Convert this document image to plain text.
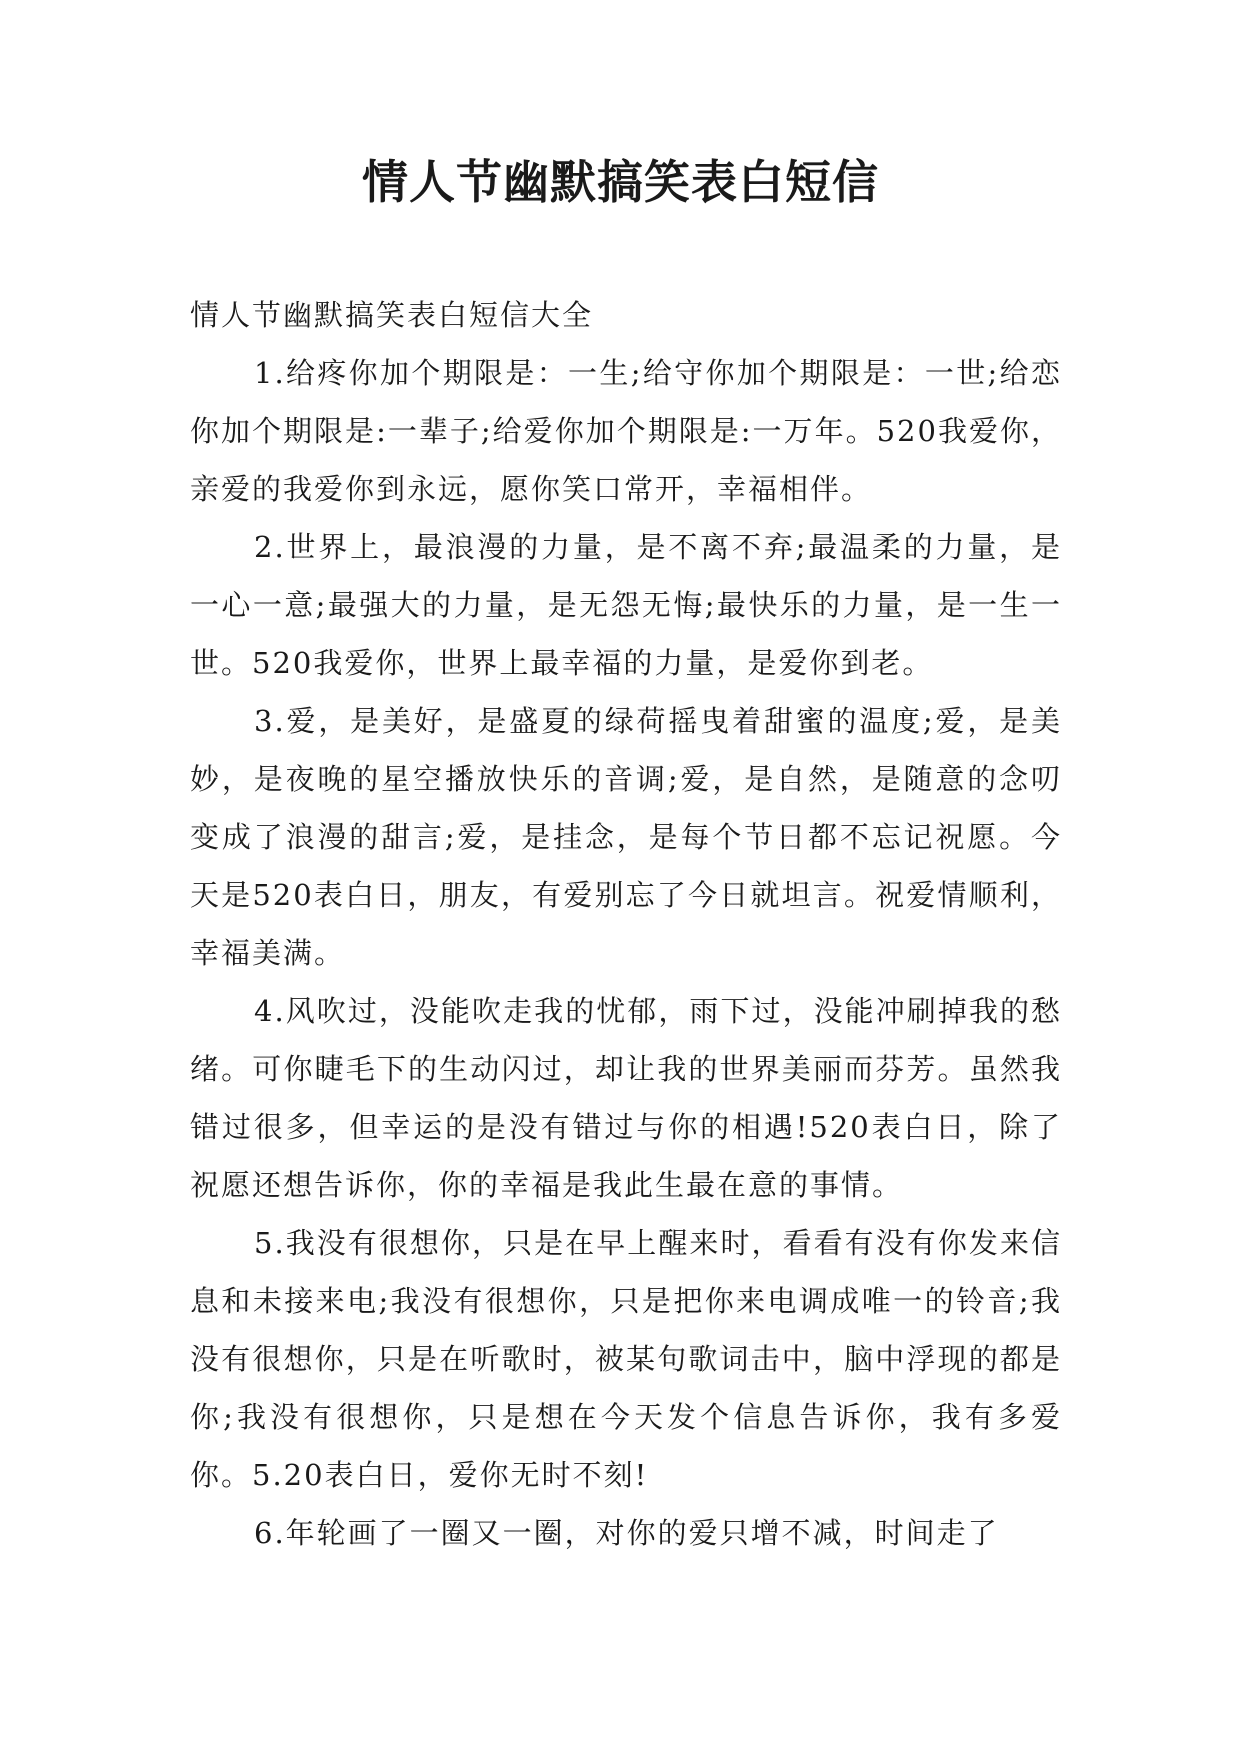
情人节幽默搞笑表白短信

情人节幽默搞笑表白短信大全

1.给疼你加个期限是：一生;给守你加个期限是：一世;给恋你加个期限是:一辈子;给爱你加个期限是:一万年。520我爱你，亲爱的我爱你到永远，愿你笑口常开，幸福相伴。

2.世界上，最浪漫的力量，是不离不弃;最温柔的力量，是一心一意;最强大的力量，是无怨无悔;最快乐的力量，是一生一世。520我爱你，世界上最幸福的力量，是爱你到老。

3.爱，是美好，是盛夏的绿荷摇曳着甜蜜的温度;爱，是美妙，是夜晚的星空播放快乐的音调;爱，是自然，是随意的念叨变成了浪漫的甜言;爱，是挂念，是每个节日都不忘记祝愿。今天是520表白日，朋友，有爱别忘了今日就坦言。祝爱情顺利，幸福美满。

4.风吹过，没能吹走我的忧郁，雨下过，没能冲刷掉我的愁绪。可你睫毛下的生动闪过，却让我的世界美丽而芬芳。虽然我错过很多，但幸运的是没有错过与你的相遇!520表白日，除了祝愿还想告诉你，你的幸福是我此生最在意的事情。

5.我没有很想你，只是在早上醒来时，看看有没有你发来信息和未接来电;我没有很想你，只是把你来电调成唯一的铃音;我没有很想你，只是在听歌时，被某句歌词击中，脑中浮现的都是你;我没有很想你，只是想在今天发个信息告诉你，我有多爱你。5.20表白日，爱你无时不刻!

6.年轮画了一圈又一圈，对你的爱只增不减，时间走了
